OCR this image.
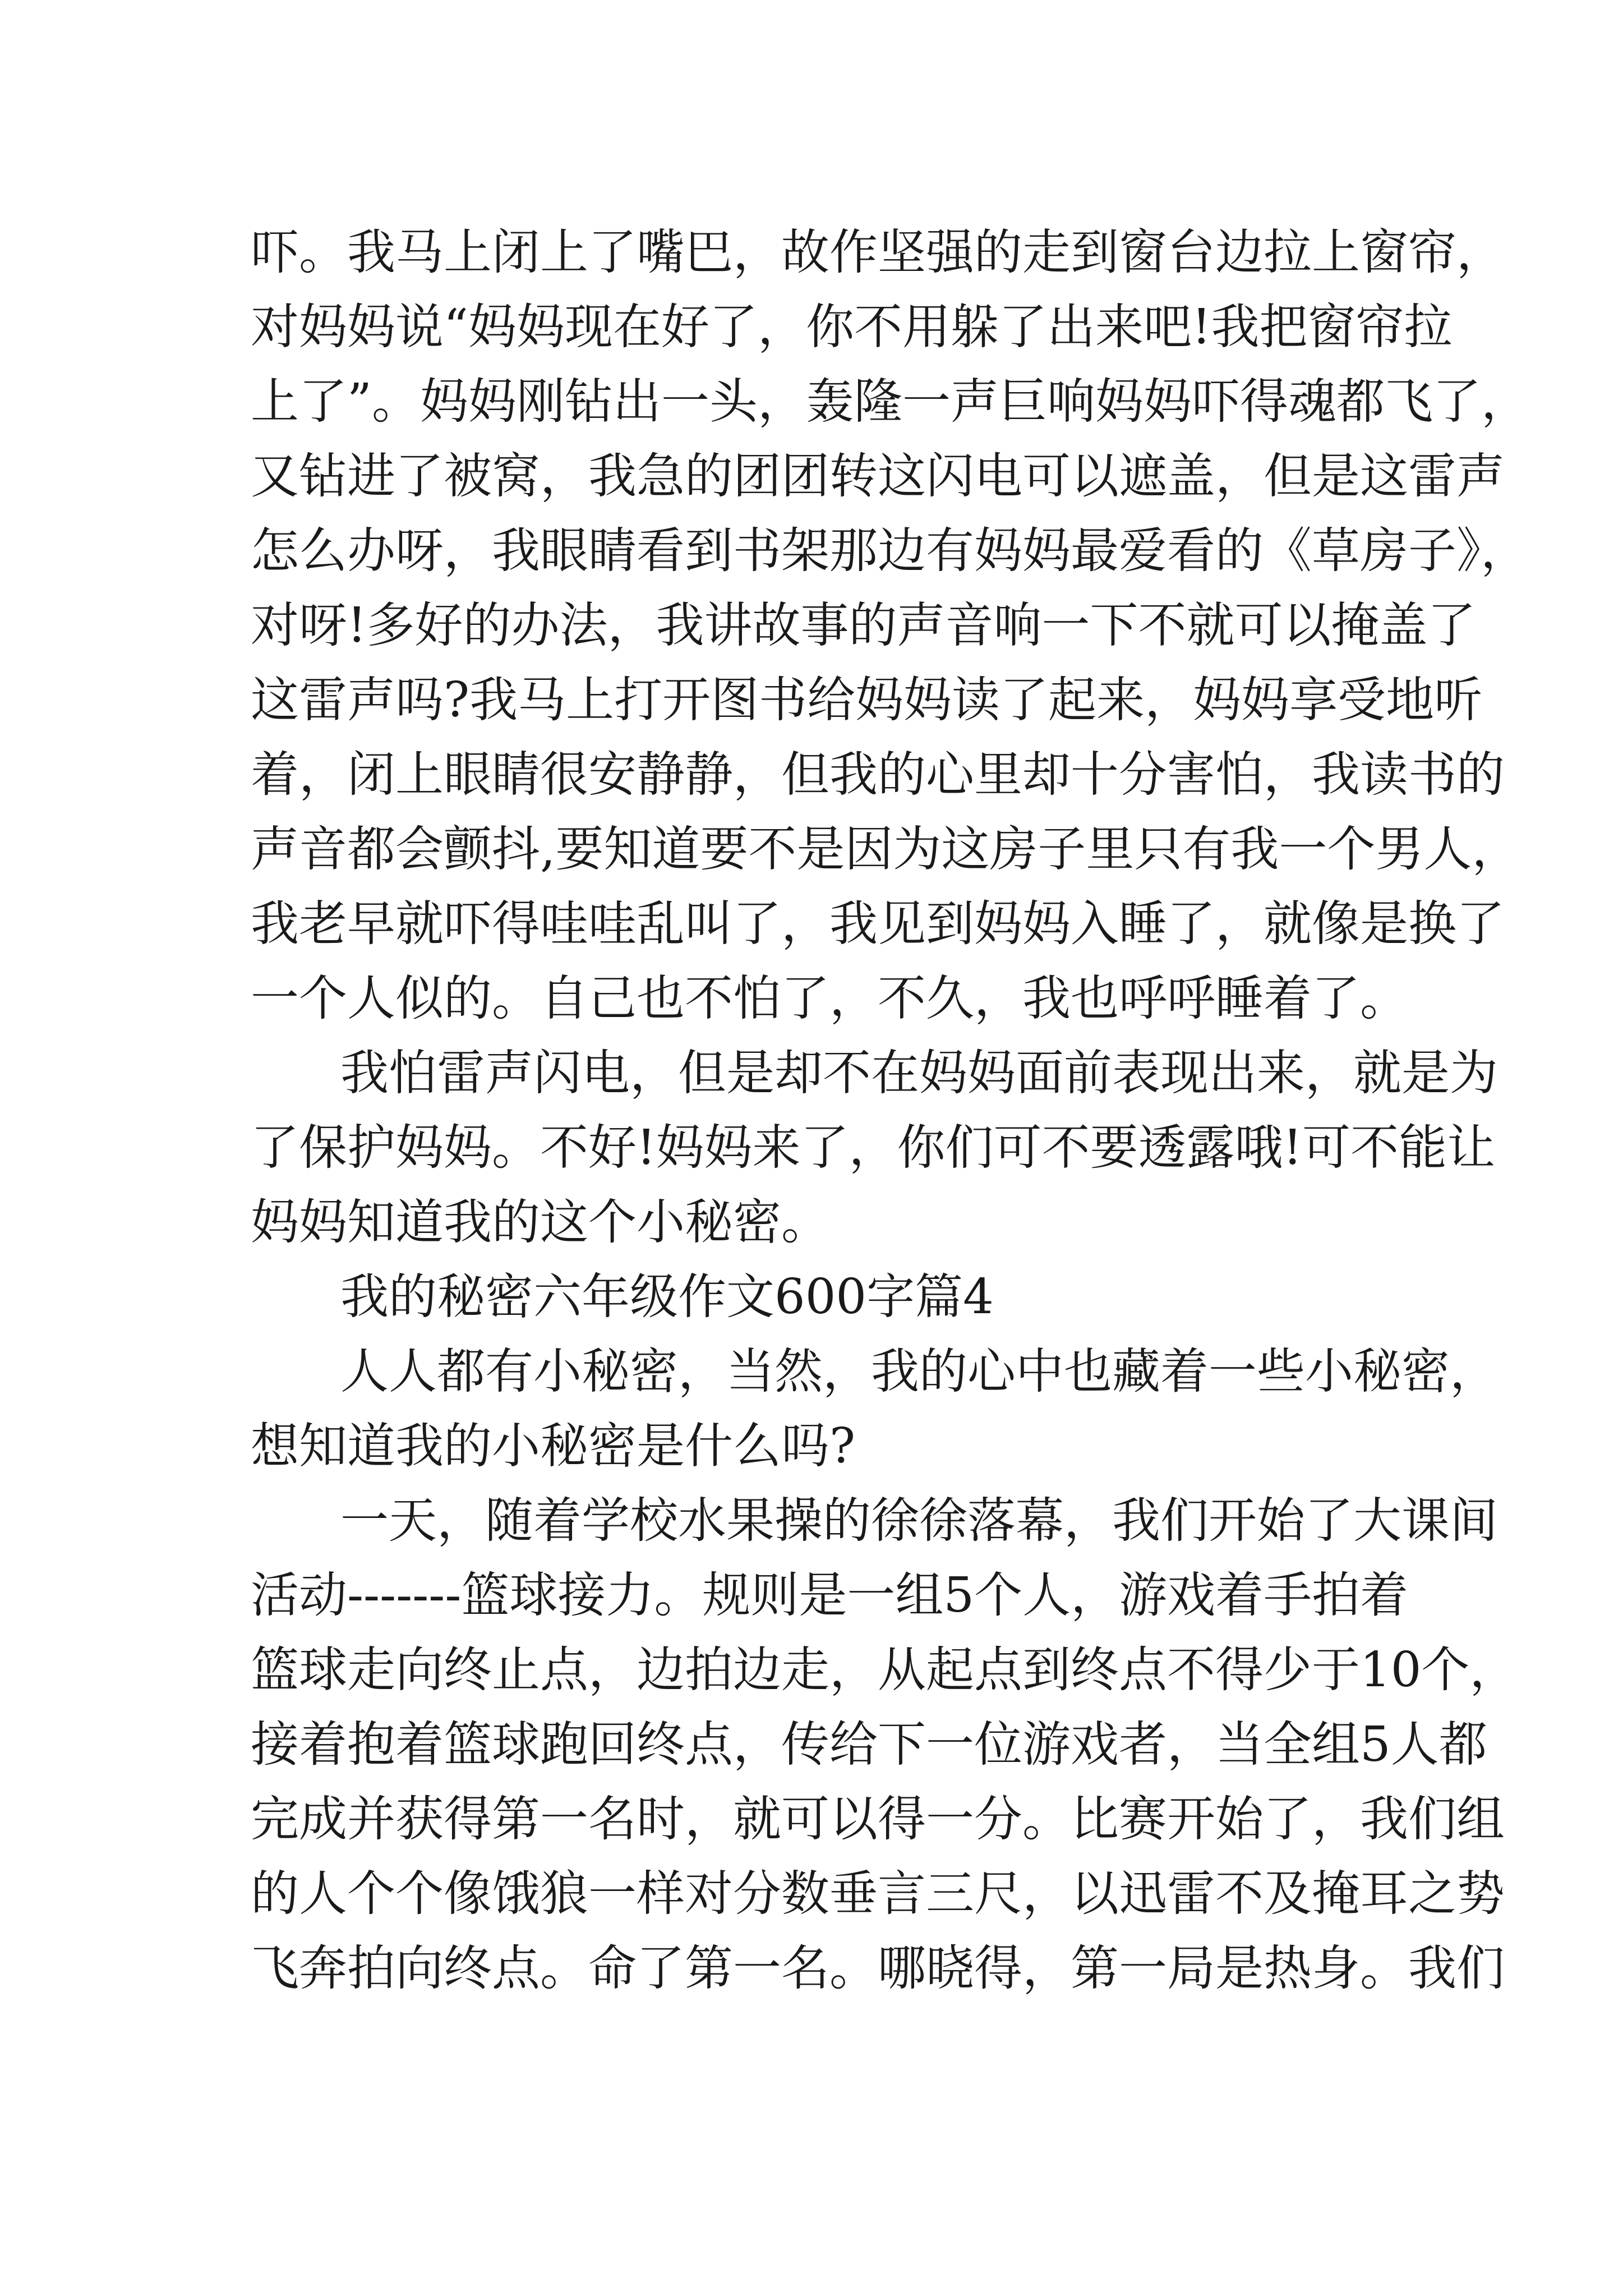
吓。我马上闭上了嘴巴，故作坚强的走到窗台边拉上窗帘，
对妈妈说“妈妈现在好了，你不用躲了出来吧!我把窗帘拉
上了”。妈妈刚钻出一头，轰隆一声巨响妈妈吓得魂都飞了，
又钻进了被窝，我急的团团转这闪电可以遮盖，但是这雷声
怎么办呀，我眼睛看到书架那边有妈妈最爱看的《草房子》，
对呀!多好的办法，我讲故事的声音响一下不就可以掩盖了
这雷声吗?我马上打开图书给妈妈读了起来，妈妈享受地听
着，闭上眼睛很安静静，但我的心里却十分害怕，我读书的
声音都会颤抖,要知道要不是因为这房子里只有我一个男人，
我老早就吓得哇哇乱叫了，我见到妈妈入睡了，就像是换了
一个人似的。自己也不怕了，不久，我也呼呼睡着了。
我怕雷声闪电，但是却不在妈妈面前表现出来，就是为
了保护妈妈。不好!妈妈来了，你们可不要透露哦!可不能让
妈妈知道我的这个小秘密。
我的秘密六年级作文600字篇4
人人都有小秘密，当然，我的心中也藏着一些小秘密，
想知道我的小秘密是什么吗?
一天，随着学校水果操的徐徐落幕，我们开始了大课间
活动-------篮球接力。规则是一组5个人，游戏着手拍着
篮球走向终止点，边拍边走，从起点到终点不得少于10个，
接着抱着篮球跑回终点，传给下一位游戏者，当全组5人都
完成并获得第一名时，就可以得一分。比赛开始了，我们组
的人个个像饿狼一样对分数垂言三尺，以迅雷不及掩耳之势
飞奔拍向终点。命了第一名。哪晓得，第一局是热身。我们
